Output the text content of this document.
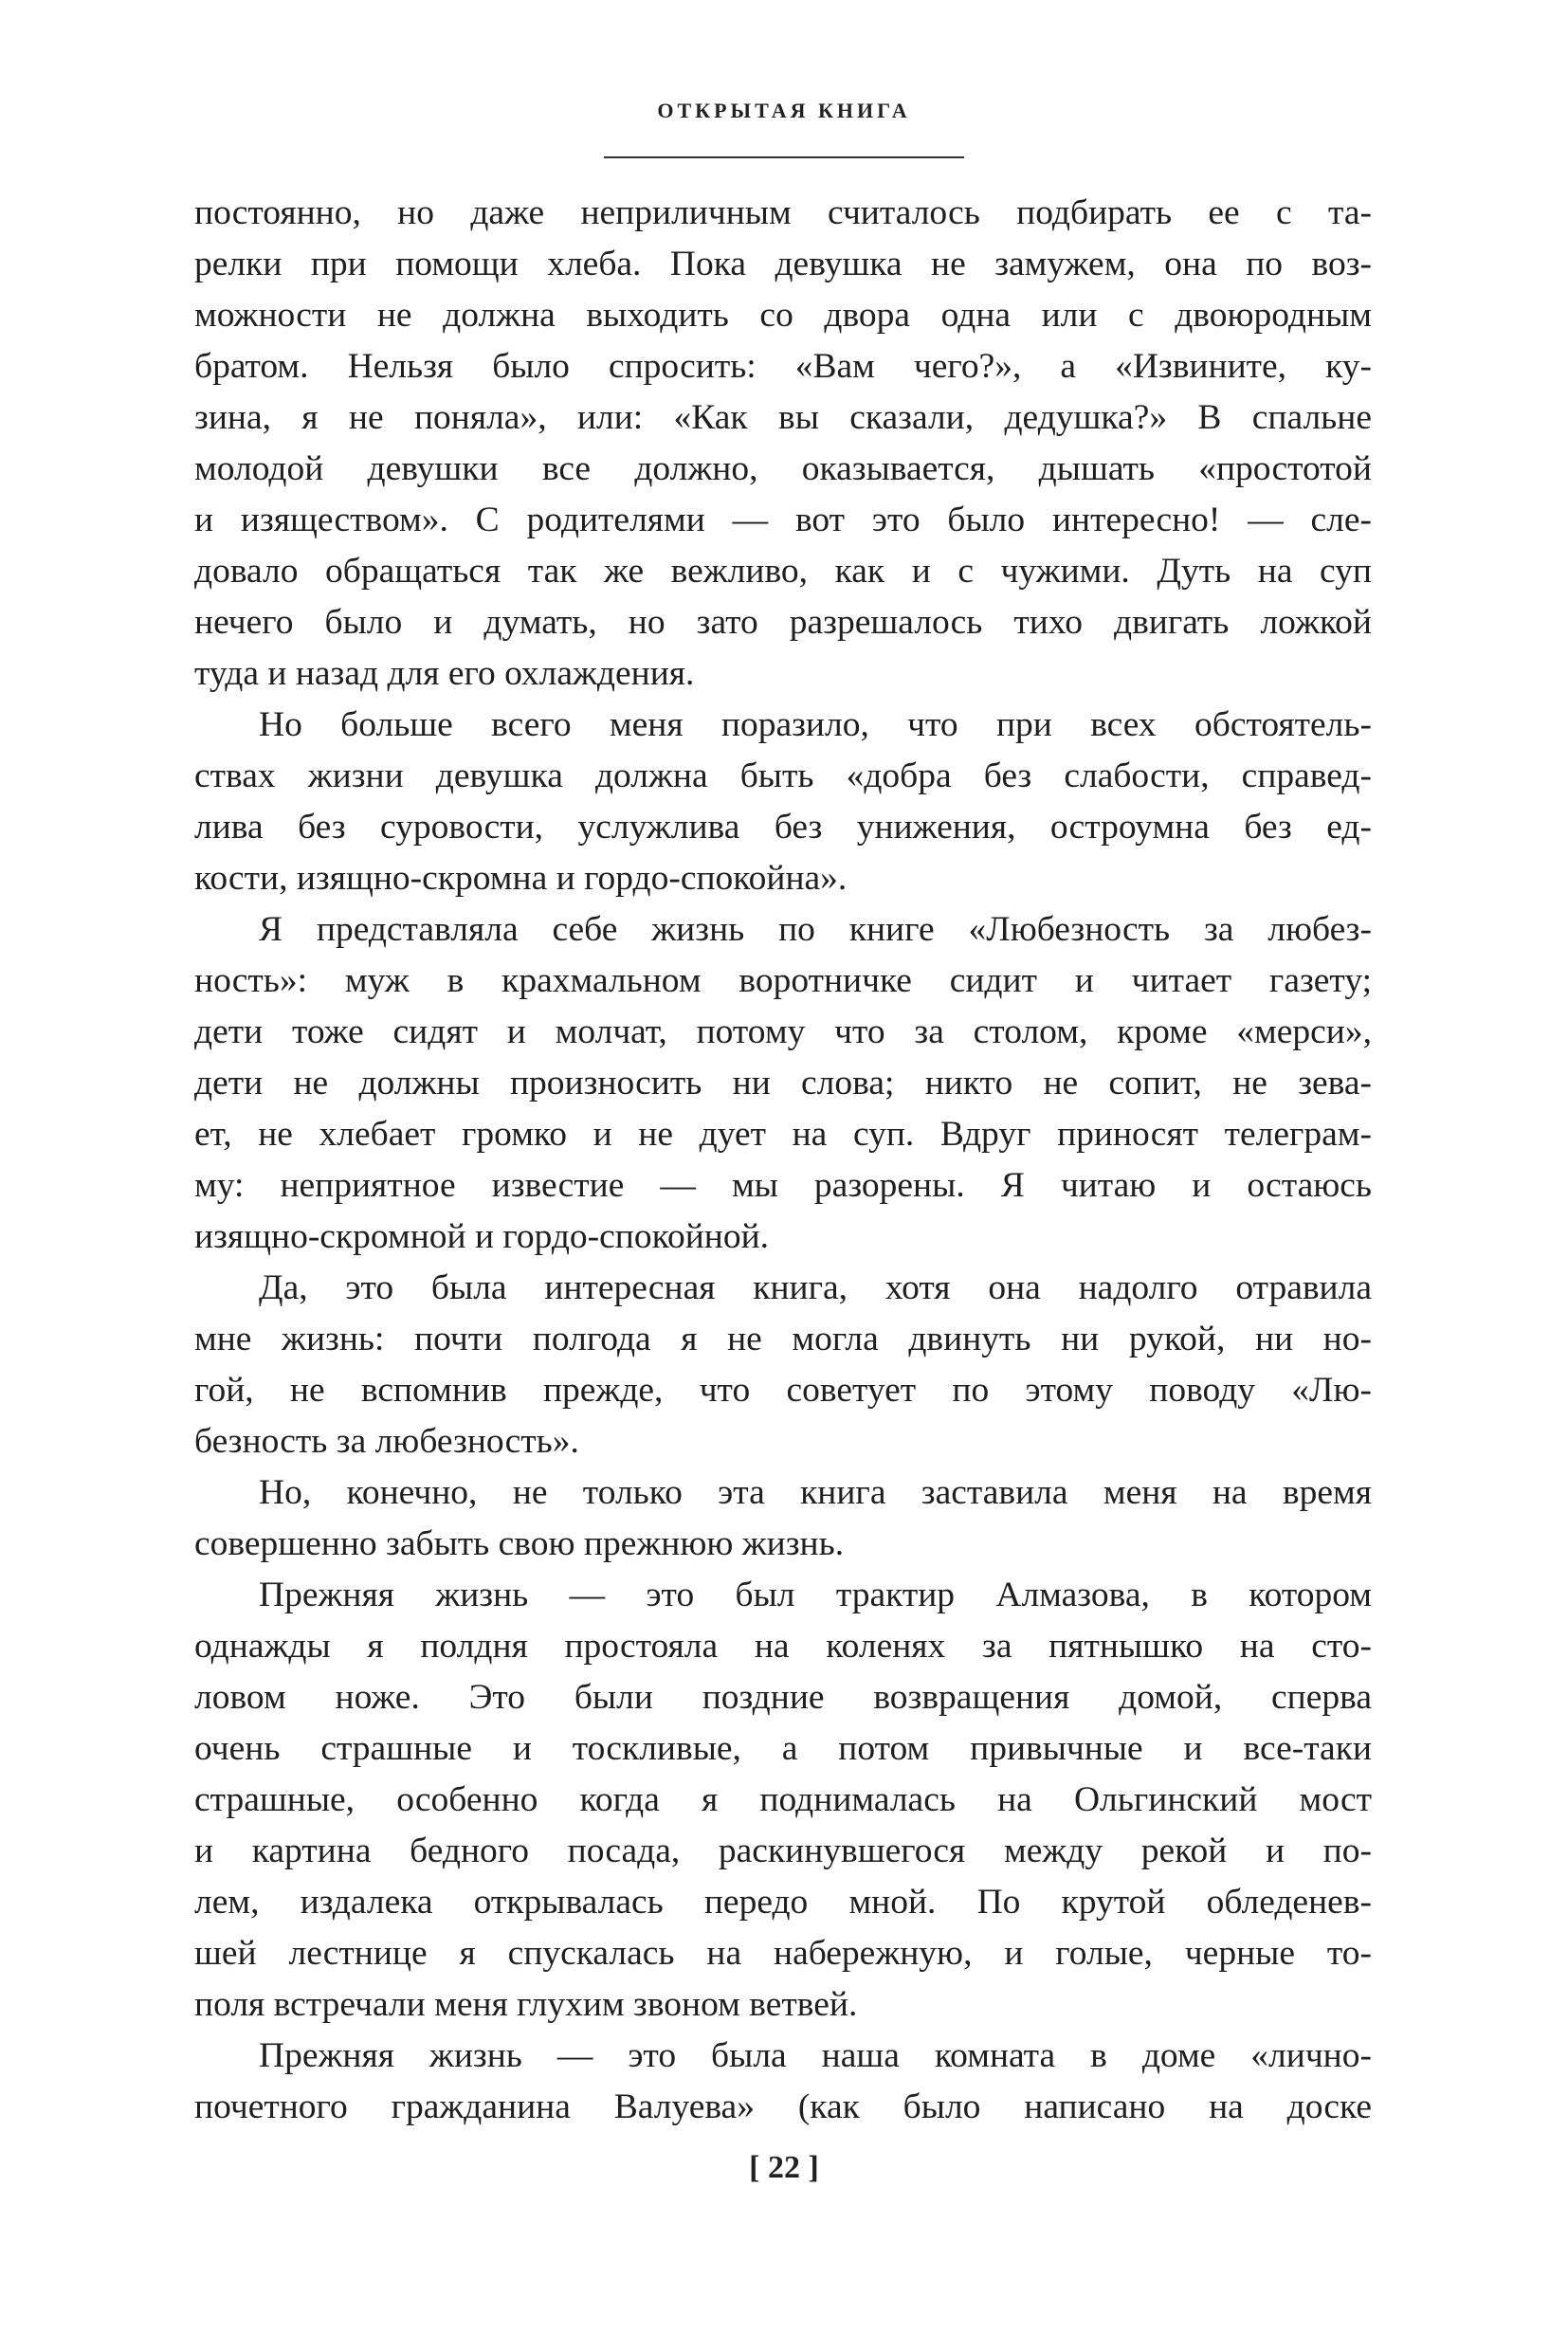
ОТКРЫТАЯ КНИГА
постоянно, но даже неприличным считалось подбирать ее с та-
релки при помощи хлеба. Пока девушка не замужем, она по воз-
можности не должна выходить со двора одна или с двоюродным
братом. Нельзя было спросить: «Вам чего?», а «Извините, ку-
зина, я не поняла», или: «Как вы сказали, дедушка?» В спальне
молодой девушки все должно, оказывается, дышать «простотой
и изяществом». С родителями — вот это было интересно! — сле-
довало обращаться так же вежливо, как и с чужими. Дуть на суп
нечего было и думать, но зато разрешалось тихо двигать ложкой
туда и назад для его охлаждения.
Но больше всего меня поразило, что при всех обстоятель-
ствах жизни девушка должна быть «добра без слабости, справед-
лива без суровости, услужлива без унижения, остроумна без ед-
кости, изящно-скромна и гордо-спокойна».
Я представляла себе жизнь по книге «Любезность за любез-
ность»: муж в крахмальном воротничке сидит и читает газету;
дети тоже сидят и молчат, потому что за столом, кроме «мерси»,
дети не должны произносить ни слова; никто не сопит, не зева-
ет, не хлебает громко и не дует на суп. Вдруг приносят телеграм-
му: неприятное известие — мы разорены. Я читаю и остаюсь
изящно-скромной и гордо-спокойной.
Да, это была интересная книга, хотя она надолго отравила
мне жизнь: почти полгода я не могла двинуть ни рукой, ни но-
гой, не вспомнив прежде, что советует по этому поводу «Лю-
безность за любезность».
Но, конечно, не только эта книга заставила меня на время
совершенно забыть свою прежнюю жизнь.
Прежняя жизнь — это был трактир Алмазова, в котором
однажды я полдня простояла на коленях за пятнышко на сто-
ловом ноже. Это были поздние возвращения домой, сперва
очень страшные и тоскливые, а потом привычные и все-таки
страшные, особенно когда я поднималась на Ольгинский мост
и картина бедного посада, раскинувшегося между рекой и по-
лем, издалека открывалась передо мной. По крутой обледенев-
шей лестнице я спускалась на набережную, и голые, черные то-
поля встречали меня глухим звоном ветвей.
Прежняя жизнь — это была наша комната в доме «лично-
почетного гражданина Валуева» (как было написано на доске
[ 22 ]
